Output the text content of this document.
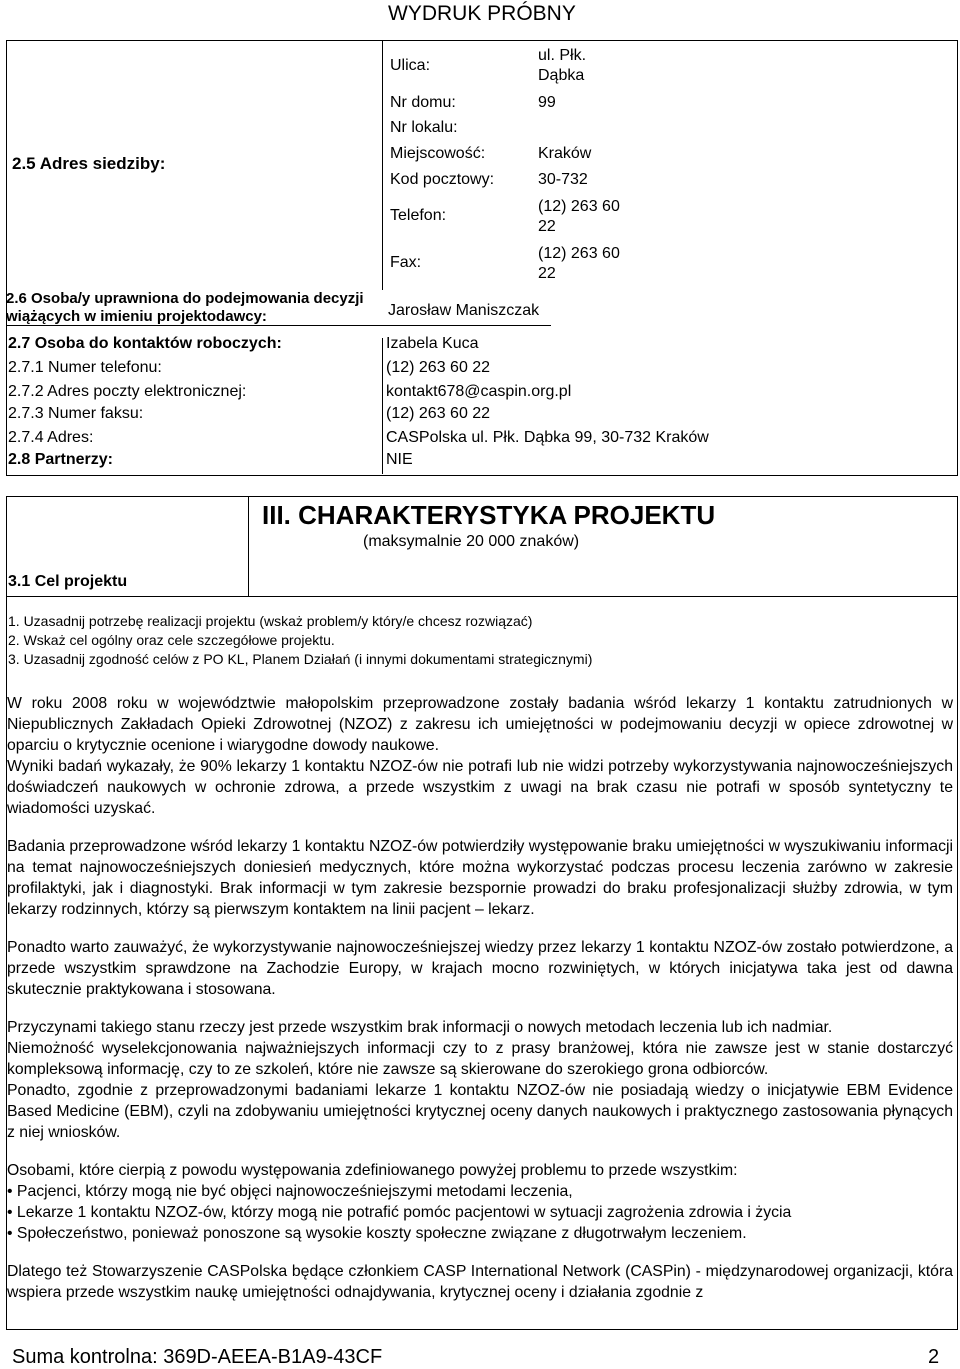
WYDRUK PRÓBNY
2.5 Adres siedziby:
Ulica:
ul. Płk. Dąbka
Nr domu:	99
Nr lokalu:
Miejscowość:	Kraków
Kod pocztowy:	30-732
Telefon:
(12) 263 60 22
Fax:
(12) 263 60 22
2.6 Osoba/y uprawniona do podejmowania decyzji wiążących w imieniu projektodawcy:	Jarosław Maniszczak
2.7 Osoba do kontaktów roboczych:	Izabela Kuca
2.7.1 Numer telefonu:	(12) 263 60 22
2.7.2 Adres poczty elektronicznej:	kontakt678@caspin.org.pl
2.7.3 Numer faksu:	(12) 263 60 22
2.7.4 Adres:	CASPolska ul. Płk. Dąbka 99, 30-732 Kraków
2.8 Partnerzy:	NIE
III. CHARAKTERYSTYKA PROJEKTU
(maksymalnie 20 000 znaków)
3.1 Cel projektu
1. Uzasadnij potrzebę realizacji projektu (wskaż problem/y który/e chcesz rozwiązać)
2. Wskaż cel ogólny oraz cele szczegółowe projektu.
3. Uzasadnij zgodność celów z PO KL, Planem Działań (i innymi dokumentami strategicznymi)

W roku 2008 roku w województwie małopolskim przeprowadzone zostały badania wśród lekarzy 1 kontaktu zatrudnionych w Niepublicznych Zakładach Opieki Zdrowotnej (NZOZ) z zakresu ich umiejętności w podejmowaniu decyzji w opiece zdrowotnej w oparciu o krytycznie ocenione i wiarygodne dowody naukowe.

Wyniki badań wykazały, że 90% lekarzy 1 kontaktu NZOZ-ów nie potrafi lub nie widzi potrzeby wykorzystywania najnowocześniejszych doświadczeń naukowych w ochronie zdrowa, a przede wszystkim z uwagi na brak czasu nie potrafi w sposób syntetyczny te wiadomości uzyskać.

Badania przeprowadzone wśród lekarzy 1 kontaktu NZOZ-ów potwierdziły występowanie braku umiejętności w wyszukiwaniu informacji na temat najnowocześniejszych doniesień medycznych, które można wykorzystać podczas procesu leczenia zarówno w zakresie profilaktyki, jak i diagnostyki. Brak informacji w tym zakresie bezspornie prowadzi do braku profesjonalizacji służby zdrowia, w tym lekarzy rodzinnych, którzy są pierwszym kontaktem na linii pacjent – lekarz.

Ponadto warto zauważyć, że wykorzystywanie najnowocześniejszej wiedzy przez lekarzy 1 kontaktu NZOZ-ów zostało potwierdzone, a przede wszystkim sprawdzone na Zachodzie Europy, w krajach mocno rozwiniętych, w których inicjatywa taka jest od dawna skutecznie praktykowana i stosowana.

Przyczynami takiego stanu rzeczy jest przede wszystkim brak informacji o nowych metodach leczenia lub ich nadmiar.

Niemożność wyselekcjonowania najważniejszych informacji czy to z prasy branżowej, która nie zawsze jest w stanie dostarczyć kompleksową informację, czy to ze szkoleń, które nie zawsze są skierowane do szerokiego grona odbiorców.

Ponadto, zgodnie z przeprowadzonymi badaniami lekarze 1 kontaktu NZOZ-ów nie posiadają wiedzy o inicjatywie EBM Evidence Based Medicine (EBM), czyli na zdobywaniu umiejętności krytycznej oceny danych naukowych i praktycznego zastosowania płynących z niej wniosków.

Osobami, które cierpią z powodu występowania zdefiniowanego powyżej problemu to przede wszystkim:

• Pacjenci, którzy mogą nie być objęci najnowocześniejszymi metodami leczenia,
• Lekarze 1 kontaktu NZOZ-ów, którzy mogą nie potrafić pomóc pacjentowi w sytuacji zagrożenia zdrowia i życia
• Społeczeństwo, ponieważ ponoszone są wysokie koszty społeczne związane z długotrwałym leczeniem.

Dlatego też Stowarzyszenie CASPolska będące członkiem CASP International Network (CASPin) - międzynarodowej organizacji, która wspiera przede wszystkim naukę umiejętności odnajdywania, krytycznej oceny i działania zgodnie z

Suma kontrolna: 369D-AEEA-B1A9-43CF	2
